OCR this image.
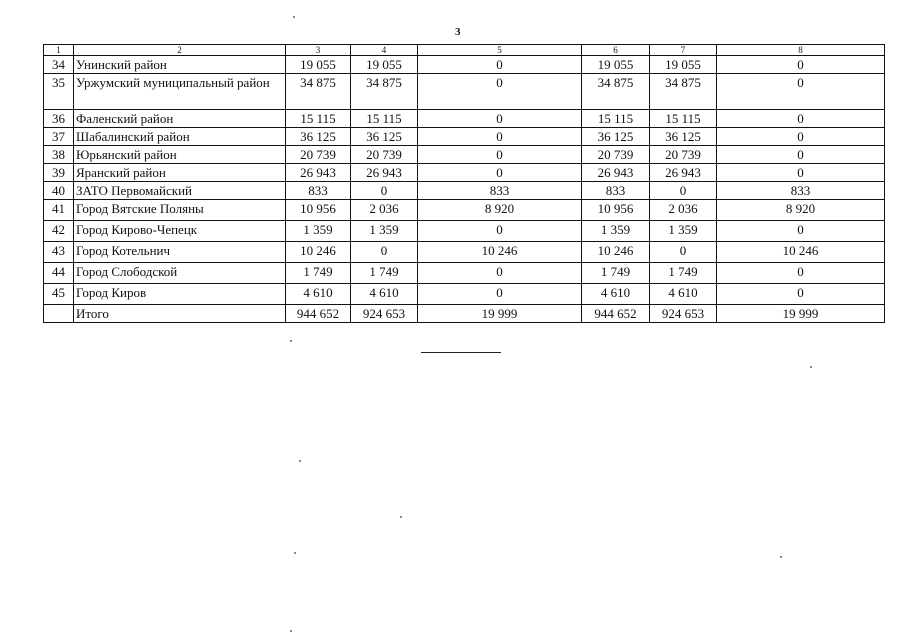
3
1	2	3	4	5	6	7	8
34	Унинский район	19 055	19 055	0	19 055	19 055	0
35	Уржумский муниципальный район	34 875	34 875	0	34 875	34 875	0
36	Фаленский район	15 115	15 115	0	15 115	15 115	0
37	Шабалинский район	36 125	36 125	0	36 125	36 125	0
38	Юрьянский район	20 739	20 739	0	20 739	20 739	0
39	Яранский район	26 943	26 943	0	26 943	26 943	0
40	ЗАТО Первомайский	833	0	833	833	0	833
41	Город Вятские Поляны	10 956	2 036	8 920	10 956	2 036	8 920
42	Город Кирово-Чепецк	1 359	1 359	0	1 359	1 359	0
43	Город Котельнич	10 246	0	10 246	10 246	0	10 246
44	Город Слободской	1 749	1 749	0	1 749	1 749	0
45	Город Киров	4 610	4 610	0	4 610	4 610	0
	Итого	944 652	924 653	19 999	944 652	924 653	19 999
